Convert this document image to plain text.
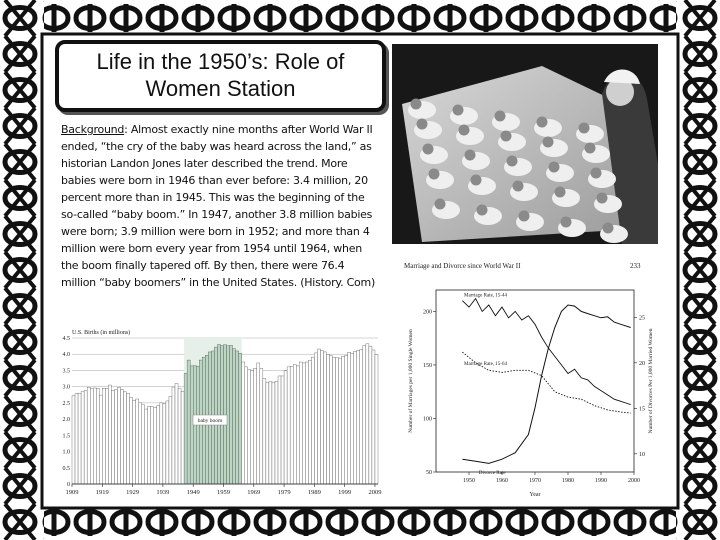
Life in the 1950’s: Role of
Women Station
Background: Almost exactly nine months after World War II ended, “the cry of the baby was heard across the land,” as historian Landon Jones later described the trend. More babies were born in 1946 than ever before: 3.4 million, 20 percent more than in 1945. This was the beginning of the so-called “baby boom.” In 1947, another 3.8 million babies were born; 3.9 million were born in 1952; and more than 4 million were born every year from 1954 until 1964, when the boom finally tapered off. By then, there were 76.4 million “baby boomers” in the United States. (History. Com)
U.S. Births (in millions)
0
0.5
1.0
1.5
2.0
2.5
3.0
3.5
4.0
4.5
1909	1919	1929	1939	1949	1959	1969	1979	1989	1999	2009
baby boom
Marriage and Divorce since World War II	233
1950	1960	1970	1980	1990	2000
50
100
150
200
10
15
20
25
Marriage Rate, 15-64
Marriage Rate, 15-44
Divorce Rate
Number of Marriages per 1,000 Single Women	Number of Divorces Per 1,000 Married Women
Year
